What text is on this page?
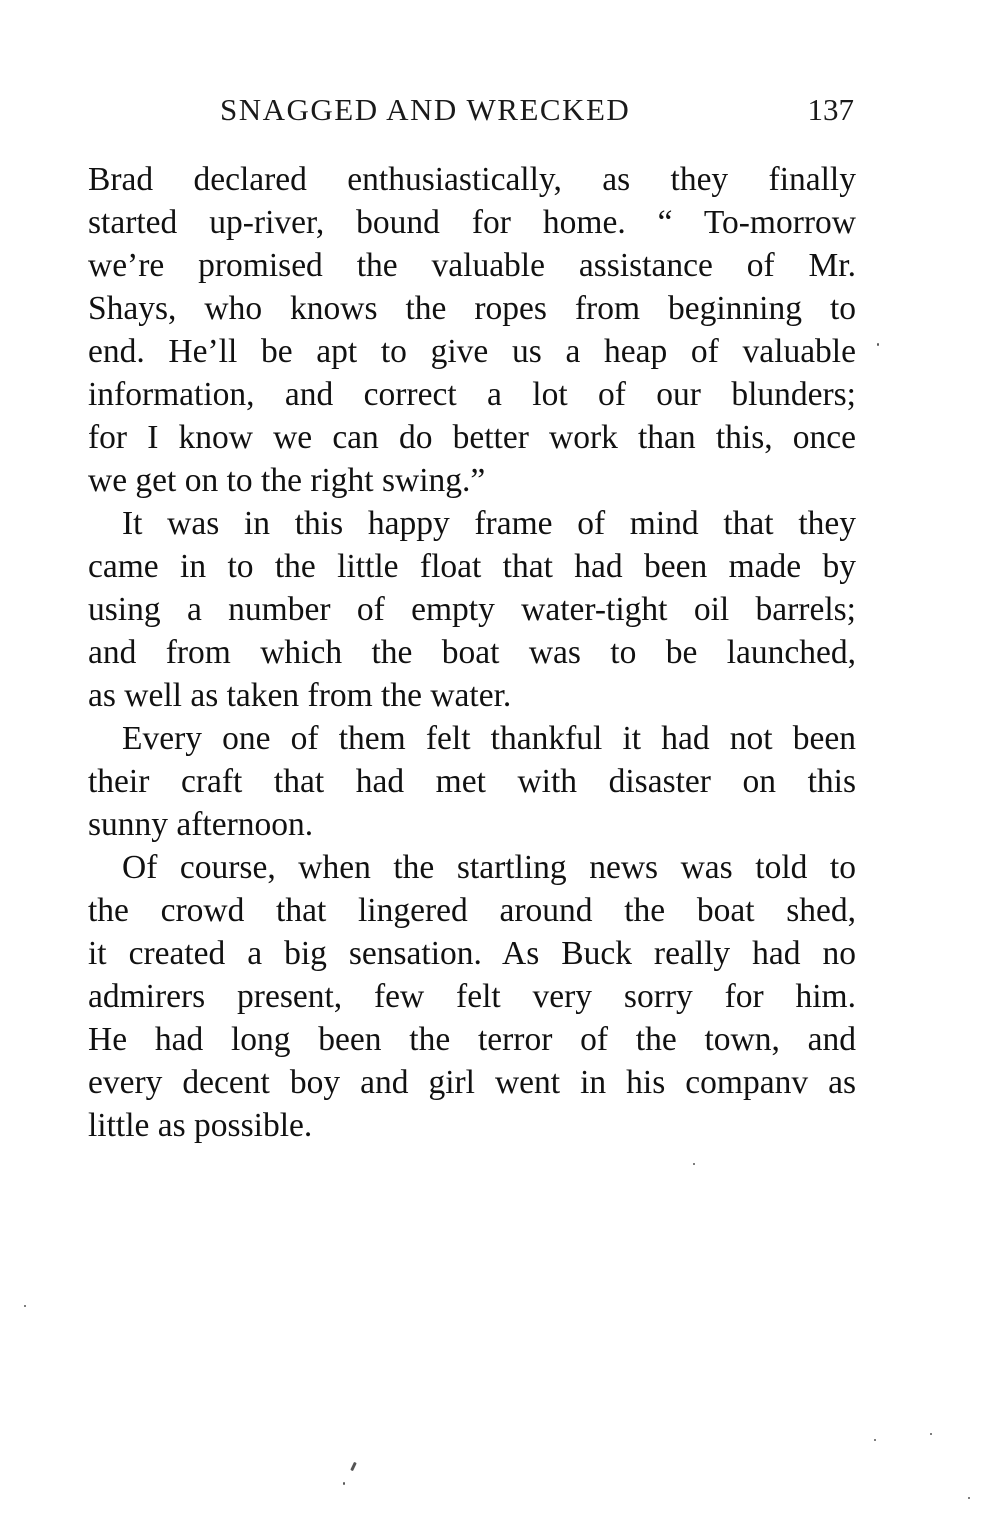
SNAGGED AND WRECKED	137
Brad declared enthusiastically, as they finally
started up-river, bound for home. “ To-morrow
we’re promised the valuable assistance of Mr.
Shays, who knows the ropes from beginning to
end. He’ll be apt to give us a heap of valuable
information, and correct a lot of our blunders;
for I know we can do better work than this, once
we get on to the right swing.”
It was in this happy frame of mind that they
came in to the little float that had been made by
using a number of empty water-tight oil barrels;
and from which the boat was to be launched,
as well as taken from the water.
Every one of them felt thankful it had not been
their craft that had met with disaster on this
sunny afternoon.
Of course, when the startling news was told to
the crowd that lingered around the boat shed,
it created a big sensation. As Buck really had no
admirers present, few felt very sorry for him.
He had long been the terror of the town, and
every decent boy and girl went in his companv as
little as possible.
